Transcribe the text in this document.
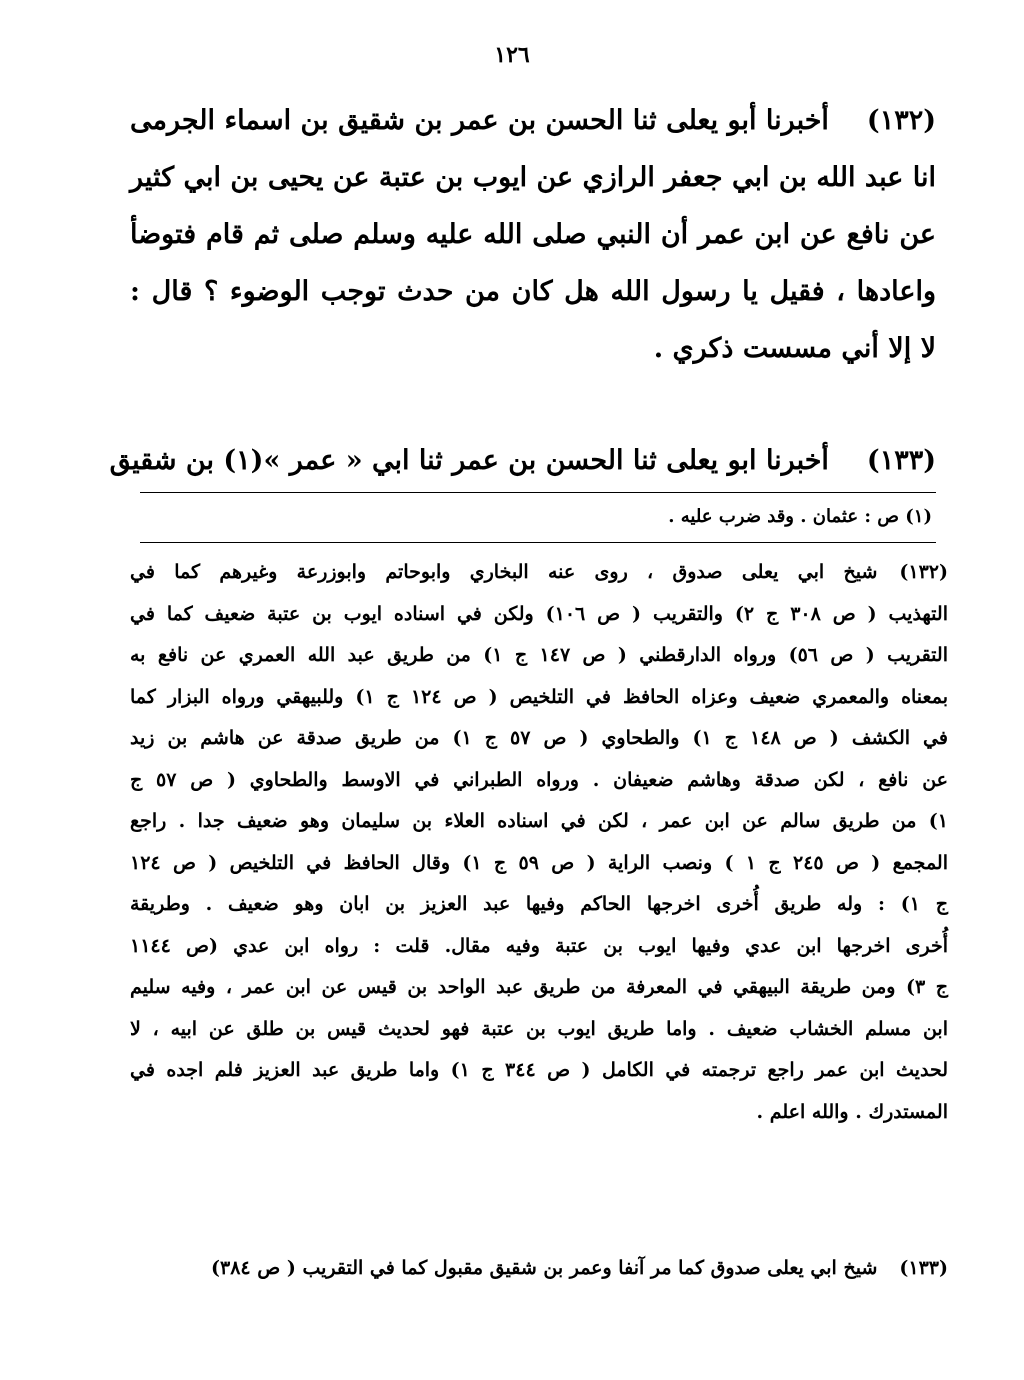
١٢٦
(١٣٢)أخبرنا أبو يعلى ثنا الحسن بن عمر بن شقيق بن اسماء الجرمى
انا عبد الله بن ابي جعفر الرازي عن ايوب بن عتبة عن يحيى بن ابي كثير
عن نافع عن ابن عمر أن النبي صلى الله عليه وسلم صلى ثم قام فتوضأ
واعادها ، فقيل يا رسول الله هل كان من حدث توجب الوضوء ؟ قال :
لا إلا أني مسست ذكري .
(١٣٣)أخبرنا ابو يعلى ثنا الحسن بن عمر ثنا ابي « عمر »(١) بن شقيق
(١) ص : عثمان . وقد ضرب عليه .
(١٣٢)شيخ ابي يعلى صدوق ، روى عنه البخاري وابوحاتم وابوزرعة وغيرهم كما في
التهذيب ( ص ٣٠٨ ج ٢) والتقريب ( ص ١٠٦) ولكن في اسناده ايوب بن عتبة ضعيف كما في
التقريب ( ص ٥٦) ورواه الدارقطني ( ص ١٤٧ ج ١) من طريق عبد الله العمري عن نافع به
بمعناه والمعمري ضعيف وعزاه الحافظ في التلخيص ( ص ١٢٤ ج ١) وللبيهقي ورواه البزار كما
في الكشف ( ص ١٤٨ ج ١) والطحاوي ( ص ٥٧ ج ١) من طريق صدقة عن هاشم بن زيد
عن نافع ، لكن صدقة وهاشم ضعيفان . ورواه الطبراني في الاوسط والطحاوي ( ص ٥٧ ج
١) من طريق سالم عن ابن عمر ، لكن في اسناده العلاء بن سليمان وهو ضعيف جدا . راجع
المجمع ( ص ٢٤٥ ج ١ ) ونصب الراية ( ص ٥٩ ج ١) وقال الحافظ في التلخيص ( ص ١٢٤
ج ١) : وله طريق أُخرى اخرجها الحاكم وفيها عبد العزيز بن ابان وهو ضعيف . وطريقة
أُخرى اخرجها ابن عدي وفيها ايوب بن عتبة وفيه مقال. قلت : رواه ابن عدي (ص ١١٤٤
ج ٣) ومن طريقة البيهقي في المعرفة من طريق عبد الواحد بن قيس عن ابن عمر ، وفيه سليم
ابن مسلم الخشاب ضعيف . واما طريق ايوب بن عتبة فهو لحديث قيس بن طلق عن ابيه ، لا
لحديث ابن عمر راجع ترجمته في الكامل ( ص ٣٤٤ ج ١) واما طريق عبد العزيز فلم اجده في
المستدرك . والله اعلم .
(١٣٣)شيخ ابي يعلى صدوق كما مر آنفا وعمر بن شقيق مقبول كما في التقريب ( ص ٣٨٤)
